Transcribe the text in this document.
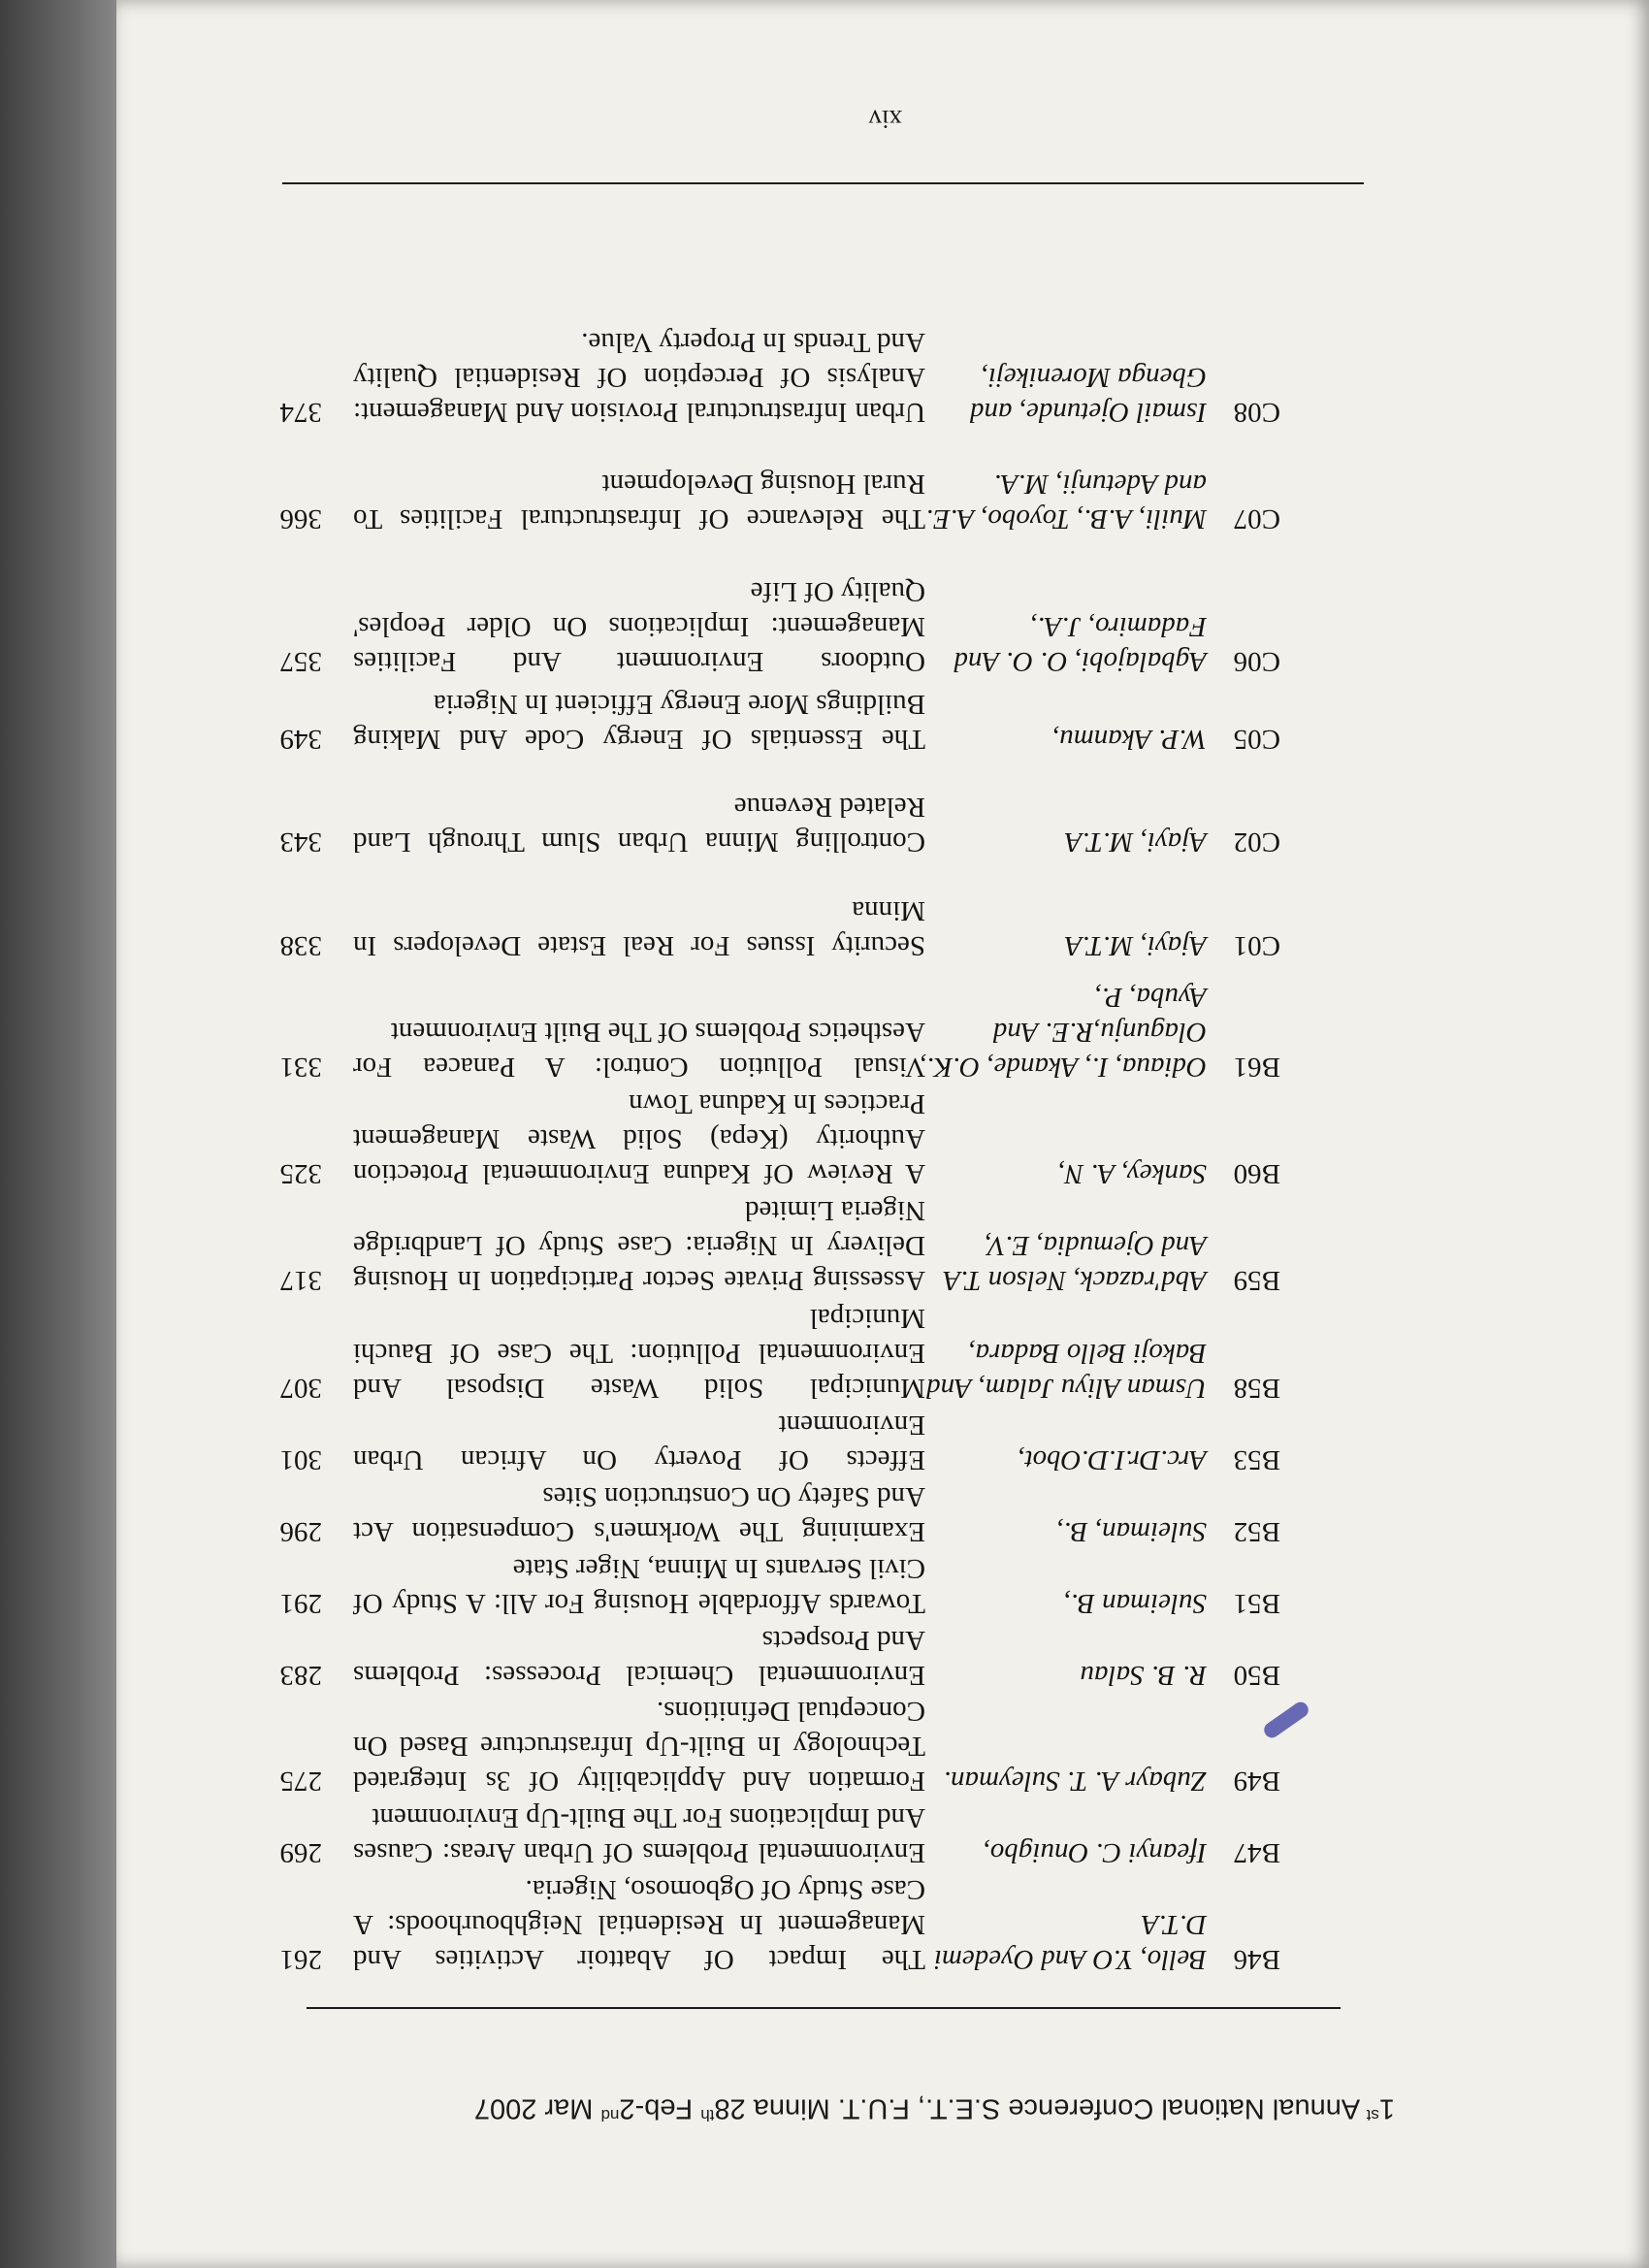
1st Annual National Conference S.E.T., F.U.T. Minna 28th Feb-2nd Mar 2007
B46
Bello, Y.O And Oyedemi D.T.A
The Impact Of Abattoir Activities And Management In Residential Neighbourhoods: A Case Study Of Ogbomoso, Nigeria.
261
B47
Ifeanyi C. Onuigbo,
Environmental Problems Of Urban Areas: Causes And Implications For The Built-Up Environment
269
B49
Zubayr A. T. Suleyman.
Formation And Applicability Of 3s Integrated Technology In Built-Up Infrastructure Based On Conceptual Definitions.
275
B50
R. B. Salau
Environmental Chemical Processes: Problems And Prospects
283
B51
Suleiman B.,
Towards Affordable Housing For All: A Study Of Civil Servants In Minna, Niger State
291
B52
Suleiman, B.,
Examining The Workmen's Compensation Act And Safety On Construction Sites
296
B53
Arc.Dr.I.D.Obot,
Effects Of Poverty On African Urban Environment
301
B58
Usman Aliyu Jalam, And Bakoji Bello Badara,
Municipal Solid Waste Disposal And Environmental Pollution: The Case Of Bauchi Municipal
307
B59
Abd'razack, Nelson T.A And Ojemudia, E.V,
Assessing Private Sector Participation In Housing Delivery In Nigeria: Case Study Of Landbridge Nigeria Limited
317
B60
Sankey, A. N,
A Review Of Kaduna Environmental Protection Authority (Kepa) Solid Waste Management Practices In Kaduna Town
325
B61
Odiaua, I., Akande, O.K., Olagunju,R.E. And Ayuba, P.,
Visual Pollution Control: A Panacea For Aesthetics Problems Of The Built Environment
331
C01
Ajayi, M.T.A
Security Issues For Real Estate Developers In Minna
338
C02
Ajayi, M.T.A
Controlling Minna Urban Slum Through Land Related Revenue
343
C05
W.P. Akanmu,
The Essentials Of Energy Code And Making Buildings More Energy Efficient In Nigeria
349
C06
Agbalajobi, O. O. And Fadamiro, J.A.,
Outdoors Environment And Facilities Management: Implications On Older Peoples' Quality Of Life
357
C07
Muili, A.B., Toyobo, A.E. and Adetunji, M.A.
The Relevance Of Infrastructural Facilities To Rural Housing Development
366
C08
Ismail Ojetunde, and Gbenga Morenikeji,
Urban Infrastructural Provision And Management: Analysis Of Perception Of Residential Quality And Trends In Property Value.
374
xiv
